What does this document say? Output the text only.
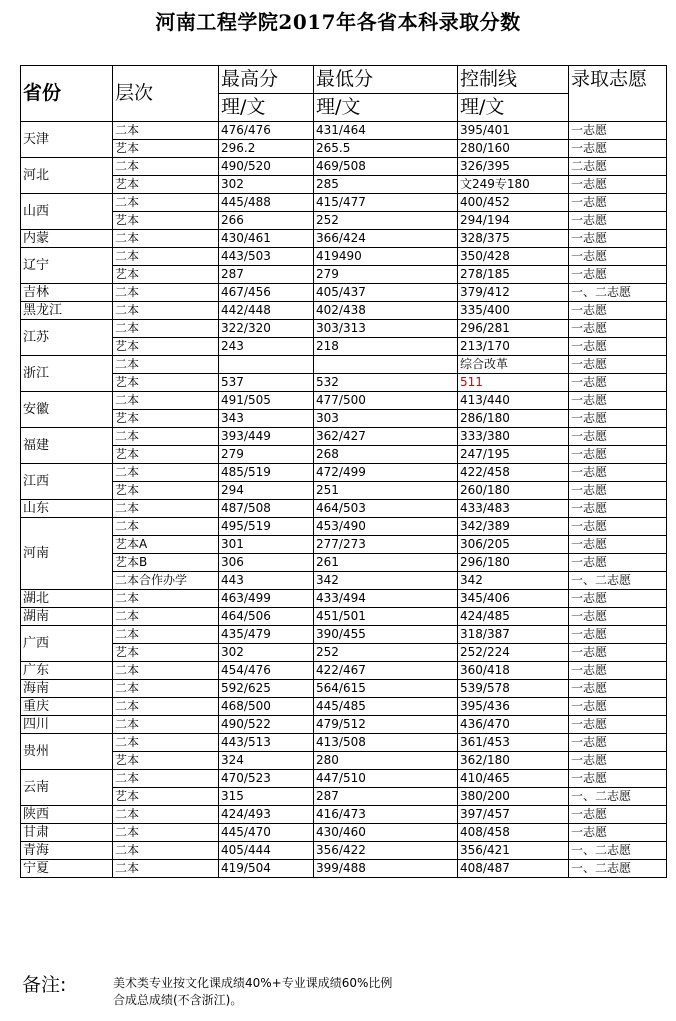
河南工程学院2017年各省本科录取分数
省份	层次	最高分	最低分	控制线	录取志愿
		理/文	理/文	理/文	
天津	二本	476/476	431/464	395/401	一志愿
	艺本	296.2	265.5	280/160	一志愿
河北	二本	490/520	469/508	326/395	二志愿
	艺本	302	285	文249专180	一志愿
山西	二本	445/488	415/477	400/452	一志愿
	艺本	266	252	294/194	一志愿
内蒙	二本	430/461	366/424	328/375	一志愿
辽宁	二本	443/503	419490	350/428	一志愿
	艺本	287	279	278/185	一志愿
吉林	二本	467/456	405/437	379/412	一、二志愿
黑龙江	二本	442/448	402/438	335/400	一志愿
江苏	二本	322/320	303/313	296/281	一志愿
	艺本	243	218	213/170	一志愿
浙江	二本			综合改革	一志愿
	艺本	537	532	511	一志愿
安徽	二本	491/505	477/500	413/440	一志愿
	艺本	343	303	286/180	一志愿
福建	二本	393/449	362/427	333/380	一志愿
	艺本	279	268	247/195	一志愿
江西	二本	485/519	472/499	422/458	一志愿
	艺本	294	251	260/180	一志愿
山东	二本	487/508	464/503	433/483	一志愿
河南	二本	495/519	453/490	342/389	一志愿
	艺本A	301	277/273	306/205	一志愿
	艺本B	306	261	296/180	一志愿
	二本合作办学	443	342	342	一、二志愿
湖北	二本	463/499	433/494	345/406	一志愿
湖南	二本	464/506	451/501	424/485	一志愿
广西	二本	435/479	390/455	318/387	一志愿
	艺本	302	252	252/224	一志愿
广东	二本	454/476	422/467	360/418	一志愿
海南	二本	592/625	564/615	539/578	一志愿
重庆	二本	468/500	445/485	395/436	一志愿
四川	二本	490/522	479/512	436/470	一志愿
贵州	二本	443/513	413/508	361/453	一志愿
	艺本	324	280	362/180	一志愿
云南	二本	470/523	447/510	410/465	一志愿
	艺本	315	287	380/200	一、二志愿
陕西	二本	424/493	416/473	397/457	一志愿
甘肃	二本	445/470	430/460	408/458	一志愿
青海	二本	405/444	356/422	356/421	一、二志愿
宁夏	二本	419/504	399/488	408/487	一、二志愿
备注:	美术类专业按文化课成绩40%+专业课成绩60%比例
合成总成绩(不含浙江)。
